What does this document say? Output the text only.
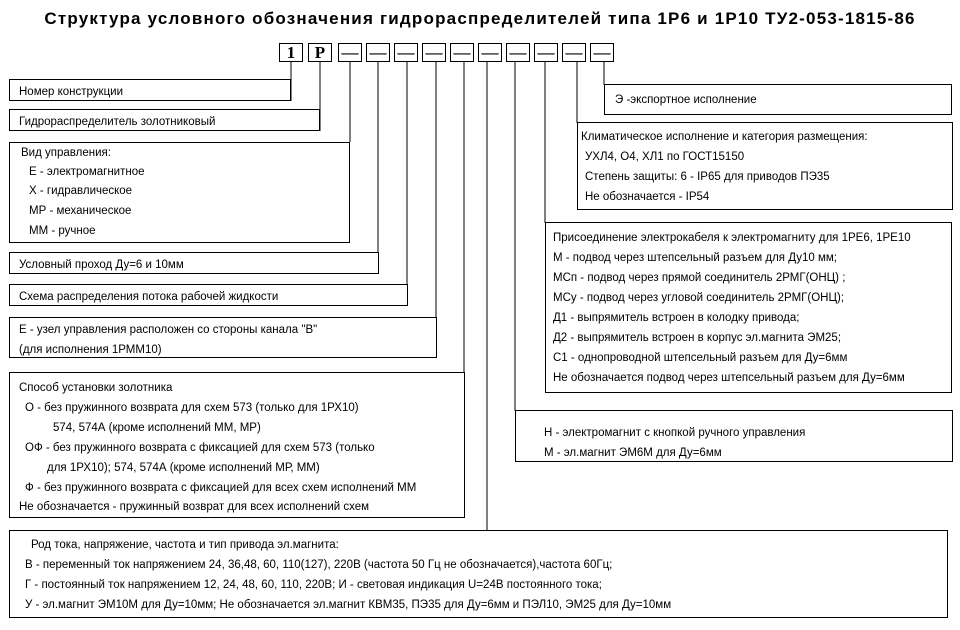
Структура условного обозначения гидрораспределителей типа 1Р6 и 1Р10 ТУ2-053-1815-86
1	Р — — — — — — — — — —
Номер конструкции
Гидрораспределитель золотниковый
Вид управления:
Е - электромагнитное
Х - гидравлическое
МР - механическое
ММ - ручное
Условный проход Ду=6 и 10мм
Схема распределения потока рабочей жидкости
Е - узел управления расположен со стороны канала "В"
(для исполнения 1РММ10)
Способ установки золотника
О - без пружинного возврата для схем 573 (только для 1РХ10)
574, 574А (кроме исполнений ММ, МР)
ОФ - без пружинного возврата с фиксацией для схем 573 (только
для 1РХ10); 574, 574А (кроме исполнений МР, ММ)
Ф - без пружинного возврата с фиксацией для всех схем исполнений ММ
Не обозначается - пружинный возврат для всех исполнений схем
Э -экспортное исполнение
Климатическое исполнение и категория размещения:
УХЛ4, О4, ХЛ1 по ГОСТ15150
Степень защиты: 6 - IP65 для приводов ПЭ35
Не обозначается - IP54
Присоединение электрокабеля к электромагниту для 1РЕ6, 1РЕ10
М - подвод через штепсельный разъем для Ду10 мм;
МСп - подвод через прямой соединитель 2РМГ(ОНЦ) ;
МСу - подвод через угловой соединитель 2РМГ(ОНЦ);
Д1 - выпрямитель встроен в колодку привода;
Д2 - выпрямитель встроен в корпус эл.магнита ЭМ25;
С1 - однопроводной штепсельный разъем для Ду=6мм
Не обозначается подвод через штепсельный разъем для Ду=6мм
Н - электромагнит с кнопкой ручного управления
М - эл.магнит ЭМ6М для Ду=6мм
Род тока, напряжение, частота и тип привода эл.магнита:
В - переменный ток напряжением 24, 36,48, 60, 110(127), 220В (частота 50 Гц не обозначается),частота 60Гц;
Г - постоянный ток напряжением 12, 24, 48, 60, 110, 220В; И - световая индикация U=24В постоянного тока;
У - эл.магнит ЭМ10М для Ду=10мм; Не обозначается эл.магнит КВМ35, ПЭ35 для Ду=6мм и ПЭЛ10, ЭМ25 для Ду=10мм
